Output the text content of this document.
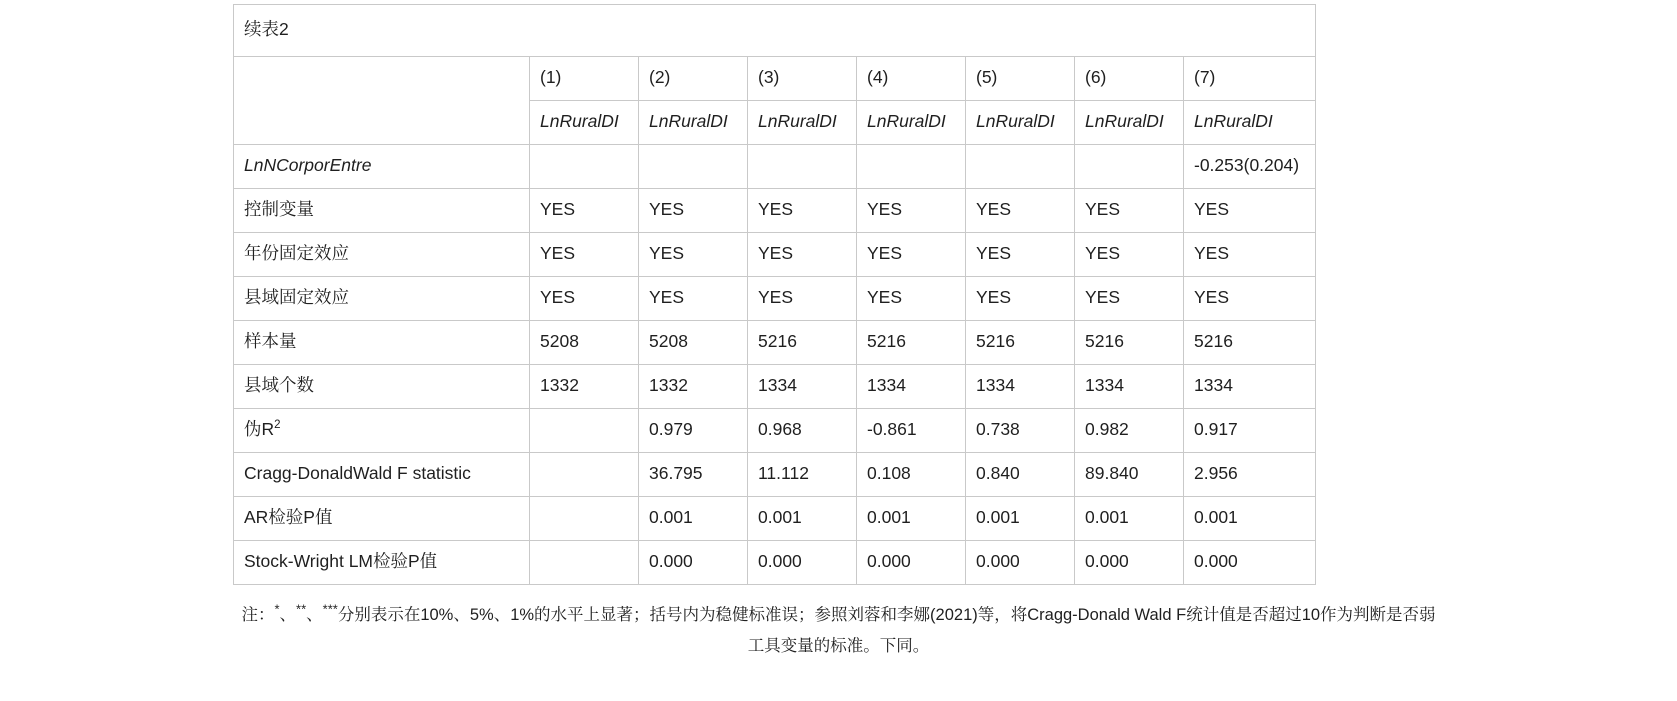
续表2							
	(1)	(2)	(3)	(4)	(5)	(6)	(7)
	LnRuralDI	LnRuralDI	LnRuralDI	LnRuralDI	LnRuralDI	LnRuralDI	LnRuralDI
LnNCorporEntre							-0.253(0.204)
控制变量	YES	YES	YES	YES	YES	YES	YES
年份固定效应	YES	YES	YES	YES	YES	YES	YES
县域固定效应	YES	YES	YES	YES	YES	YES	YES
样本量	5208	5208	5216	5216	5216	5216	5216
县域个数	1332	1332	1334	1334	1334	1334	1334
伪$R^2$		0.979	0.968	-0.861	0.738	0.982	0.917
Cragg-DonaldWald F statistic		36.795	11.112	0.108	0.840	89.840	2.956
AR检验P值		0.001	0.001	0.001	0.001	0.001	0.001
Stock-Wright LM检验P值		0.000	0.000	0.000	0.000	0.000	0.000
注：*、**、***分别表示在10%、5%、1%的水平上显著；括号内为稳健标准误；参照刘蓉和李娜(2021)等，将Cragg-Donald Wald F统计值是否超过10作为判断是否弱
工具变量的标准。下同。
